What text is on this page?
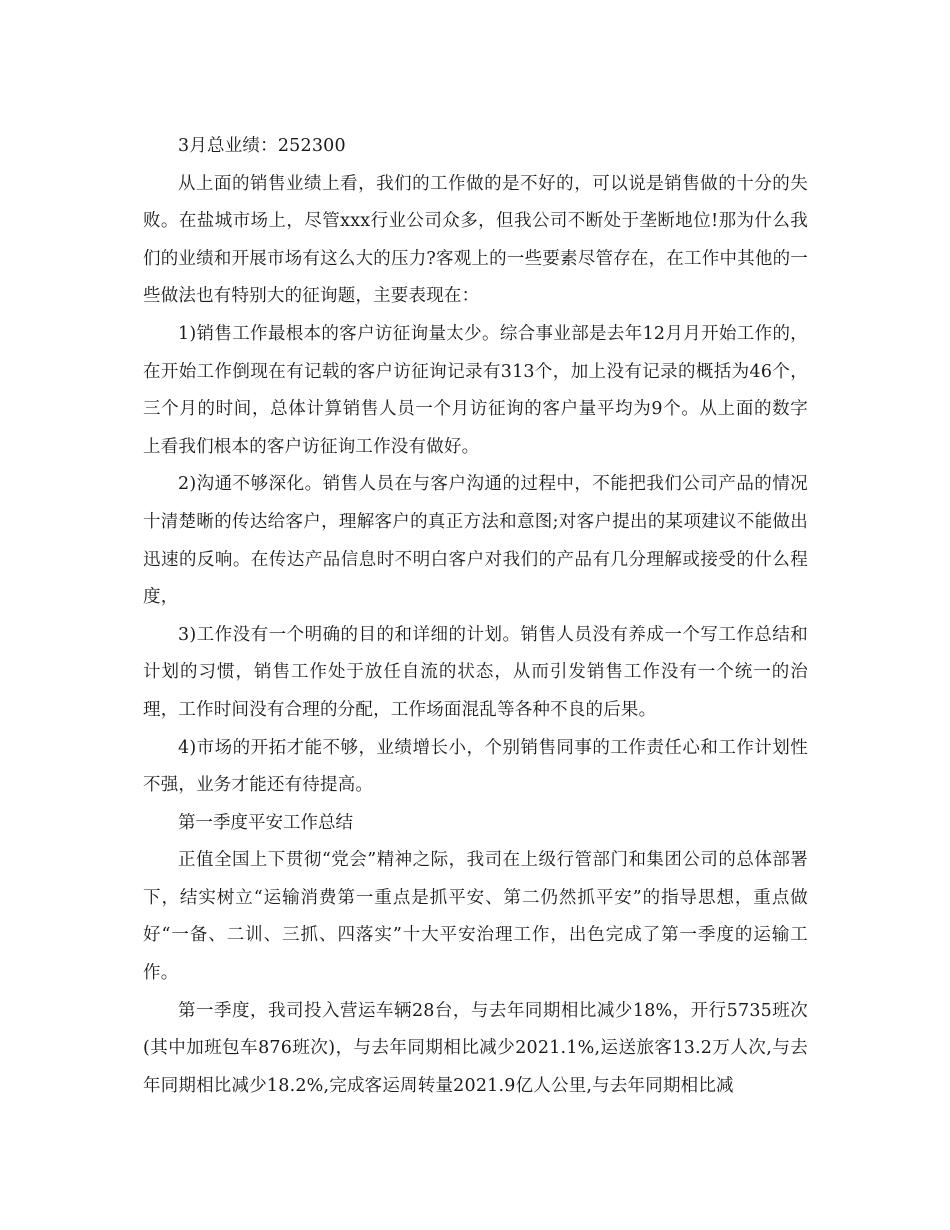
3月总业绩：252300

从上面的销售业绩上看，我们的工作做的是不好的，可以说是销售做的十分的失败。在盐城市场上，尽管xxx行业公司众多，但我公司不断处于垄断地位!那为什么我们的业绩和开展市场有这么大的压力?客观上的一些要素尽管存在，在工作中其他的一些做法也有特别大的征询题，主要表现在：

1)销售工作最根本的客户访征询量太少。综合事业部是去年12月月开始工作的，在开始工作倒现在有记载的客户访征询记录有313个，加上没有记录的概括为46个，三个月的时间，总体计算销售人员一个月访征询的客户量平均为9个。从上面的数字上看我们根本的客户访征询工作没有做好。

2)沟通不够深化。销售人员在与客户沟通的过程中，不能把我们公司产品的情况十清楚晰的传达给客户，理解客户的真正方法和意图;对客户提出的某项建议不能做出迅速的反响。在传达产品信息时不明白客户对我们的产品有几分理解或接受的什么程度，

3)工作没有一个明确的目的和详细的计划。销售人员没有养成一个写工作总结和计划的习惯，销售工作处于放任自流的状态，从而引发销售工作没有一个统一的治理，工作时间没有合理的分配，工作场面混乱等各种不良的后果。

4)市场的开拓才能不够，业绩增长小，个别销售同事的工作责任心和工作计划性不强，业务才能还有待提高。

第一季度平安工作总结

正值全国上下贯彻“党会”精神之际，我司在上级行管部门和集团公司的总体部署下，结实树立“运输消费第一重点是抓平安、第二仍然抓平安”的指导思想，重点做好“一备、二训、三抓、四落实”十大平安治理工作，出色完成了第一季度的运输工作。

第一季度，我司投入营运车辆28台，与去年同期相比减少18%，开行5735班次(其中加班包车876班次)，与去年同期相比减少2021.1%,运送旅客13.2万人次,与去年同期相比减少18.2%,完成客运周转量2021.9亿人公里,与去年同期相比减
